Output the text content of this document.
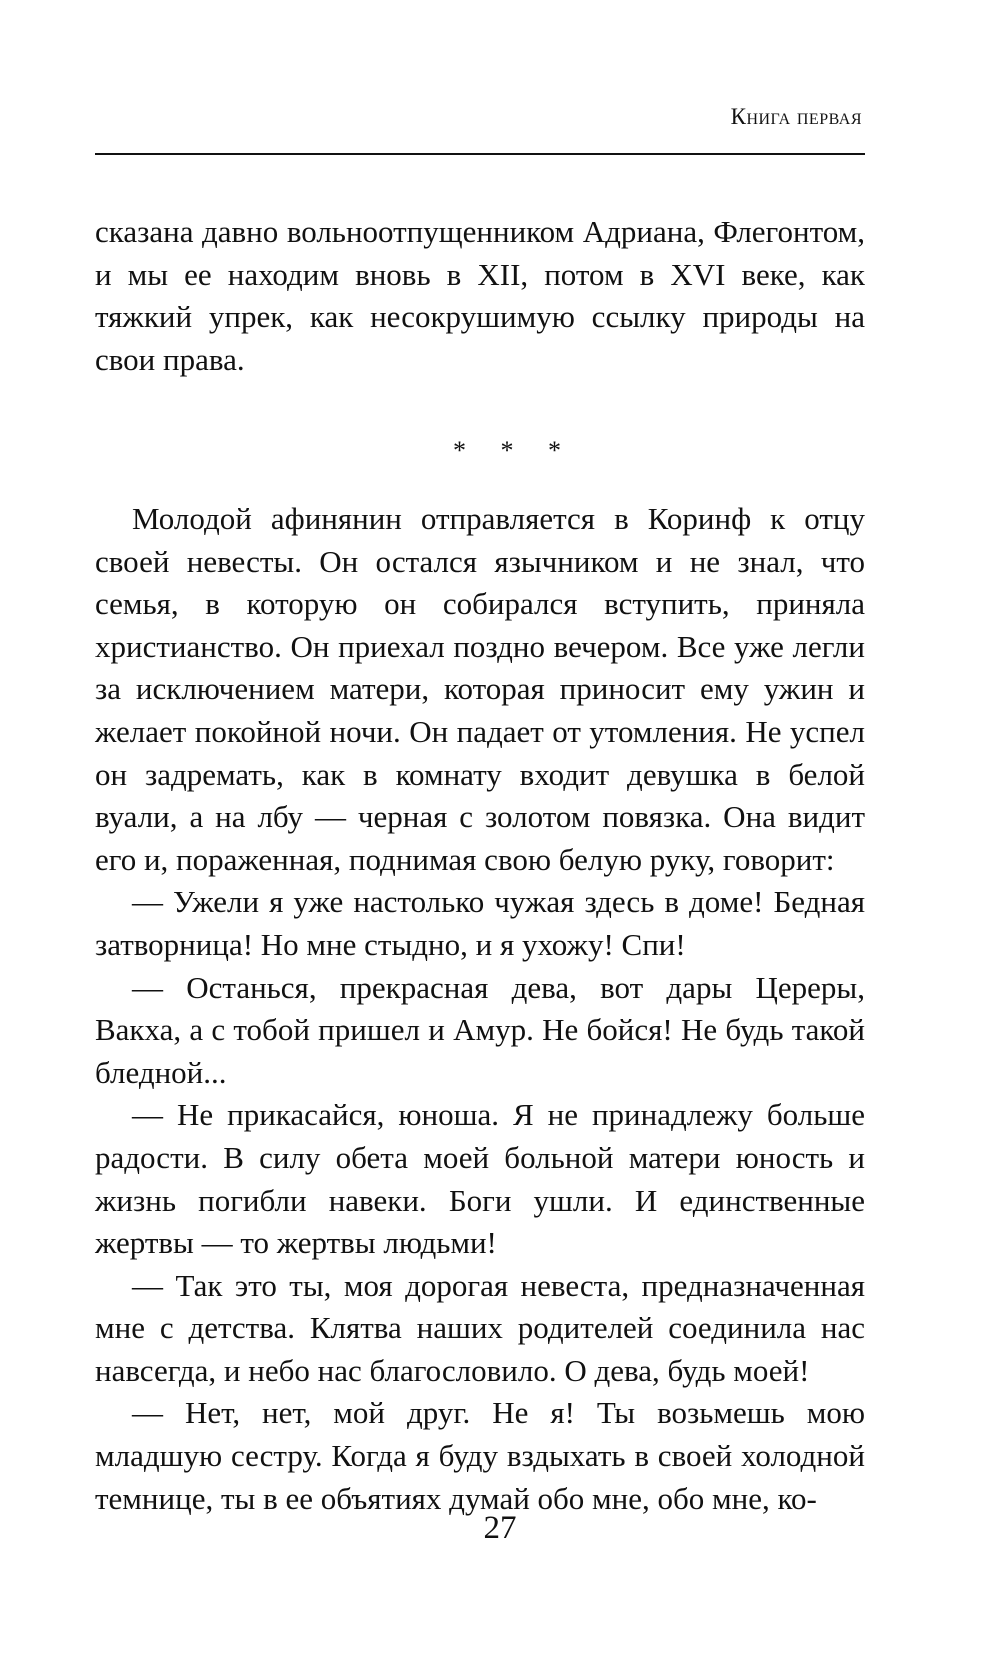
Книга первая

сказана давно вольноотпущенником Адриана, Флегонтом, и мы ее находим вновь в XII, потом в XVI веке, как тяжкий упрек, как несокрушимую ссылку природы на свои права.

* * *

Молодой афинянин отправляется в Коринф к отцу своей невесты. Он остался язычником и не знал, что семья, в которую он собирался вступить, приняла христианство. Он приехал поздно вечером. Все уже легли за исключением матери, которая приносит ему ужин и желает покойной ночи. Он падает от утомления. Не успел он задремать, как в комнату входит девушка в белой вуали, а на лбу — черная с золотом повязка. Она видит его и, пораженная, поднимая свою белую руку, говорит:

— Ужели я уже настолько чужая здесь в доме! Бедная затворница! Но мне стыдно, и я ухожу! Спи!

— Останься, прекрасная дева, вот дары Цереры, Вакха, а с тобой пришел и Амур. Не бойся! Не будь такой бледной...

— Не прикасайся, юноша. Я не принадлежу больше радости. В силу обета моей больной матери юность и жизнь погибли навеки. Боги ушли. И единственные жертвы — то жертвы людьми!

— Так это ты, моя дорогая невеста, предназначенная мне с детства. Клятва наших родителей соединила нас навсегда, и небо нас благословило. О дева, будь моей!

— Нет, нет, мой друг. Не я! Ты возьмешь мою младшую сестру. Когда я буду вздыхать в своей холодной темнице, ты в ее объятиях думай обо мне, обо мне, ко-

27
